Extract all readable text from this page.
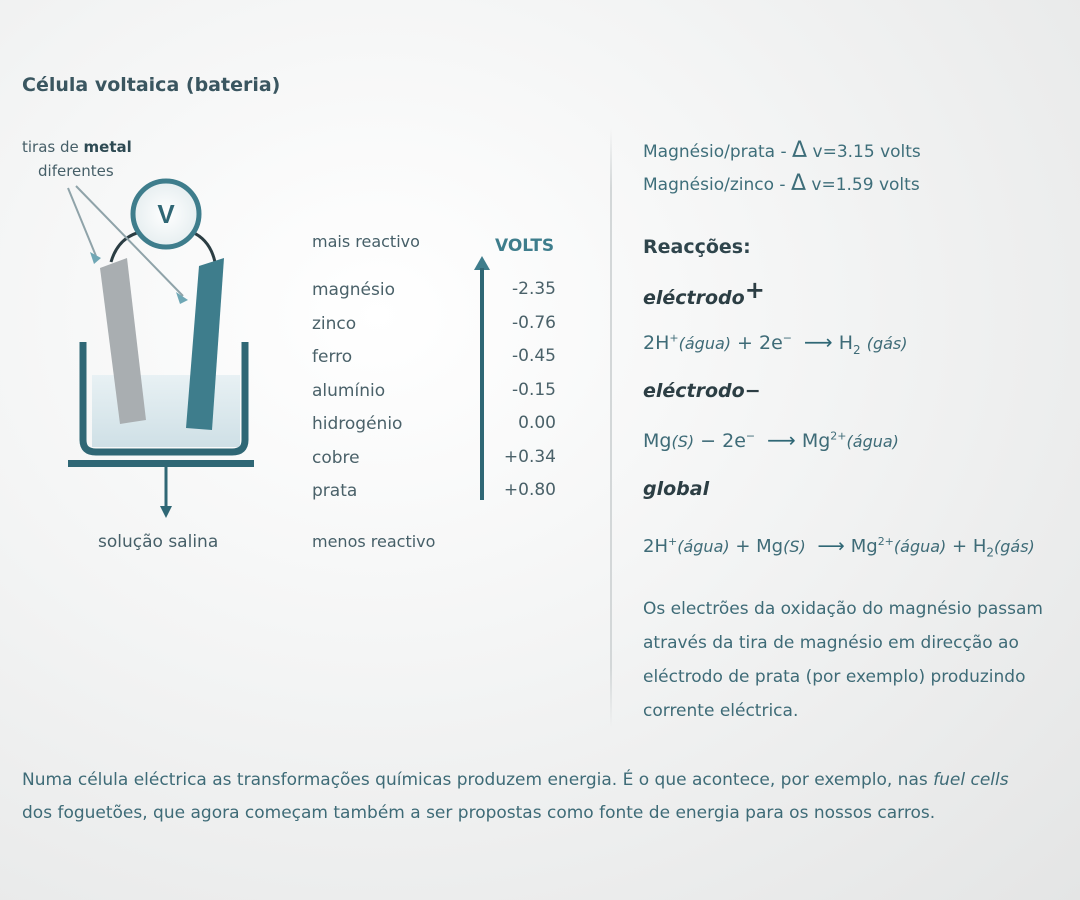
Célula voltaica (bateria)
tiras de metal
diferentes
V
solução salina
mais reactivo	VOLTS
magnésio	-2.35
zinco	-0.76
ferro	-0.45
alumínio	-0.15
hidrogénio	0.00
cobre	+0.34
prata	+0.80
menos reactivo
Magnésio/prata - Δ v=3.15 volts
Magnésio/zinco - Δ v=1.59 volts
Reacções:
eléctrodo+
2H+(água) + 2e− ⟶ $H_2$ (gás)
eléctrodo−
Mg(S) − 2e− ⟶ $Mg^{2+}(água)$
global
2H+(água) + Mg(S) ⟶ $Mg^{2+}(água)$ + $H_2(gás)$
Os electrões da oxidação do magnésio passam através da tira de magnésio em direcção ao eléctrodo de prata (por exemplo) produzindo corrente eléctrica.
Numa célula eléctrica as transformações químicas produzem energia. É o que acontece, por exemplo, nas fuel cells
dos foguetões, que agora começam também a ser propostas como fonte de energia para os nossos carros.
